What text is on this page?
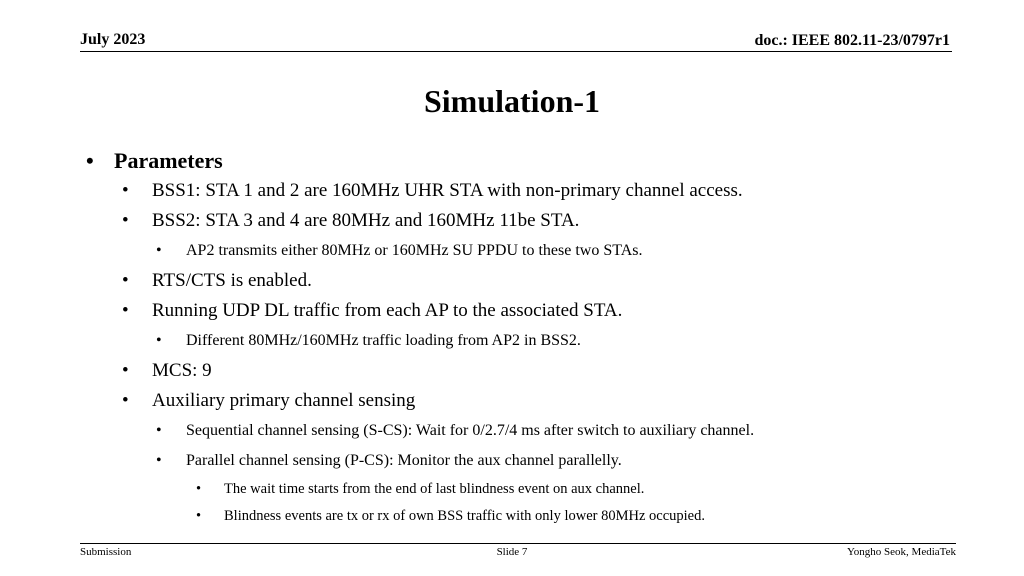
July 2023	doc.: IEEE 802.11-23/0797r1
Simulation-1
• Parameters
• BSS1: STA 1 and 2 are 160MHz UHR STA with non-primary channel access.
• BSS2: STA 3 and 4 are 80MHz and 160MHz 11be STA.
• AP2 transmits either 80MHz or 160MHz SU PPDU to these two STAs.
• RTS/CTS is enabled.
• Running UDP DL traffic from each AP to the associated STA.
• Different 80MHz/160MHz traffic loading from AP2 in BSS2.
• MCS: 9
• Auxiliary primary channel sensing
• Sequential channel sensing (S-CS): Wait for 0/2.7/4 ms after switch to auxiliary channel.
• Parallel channel sensing (P-CS): Monitor the aux channel parallelly.
• The wait time starts from the end of last blindness event on aux channel.
• Blindness events are tx or rx of own BSS traffic with only lower 80MHz occupied.
Submission	Slide 7	Yongho Seok, MediaTek
